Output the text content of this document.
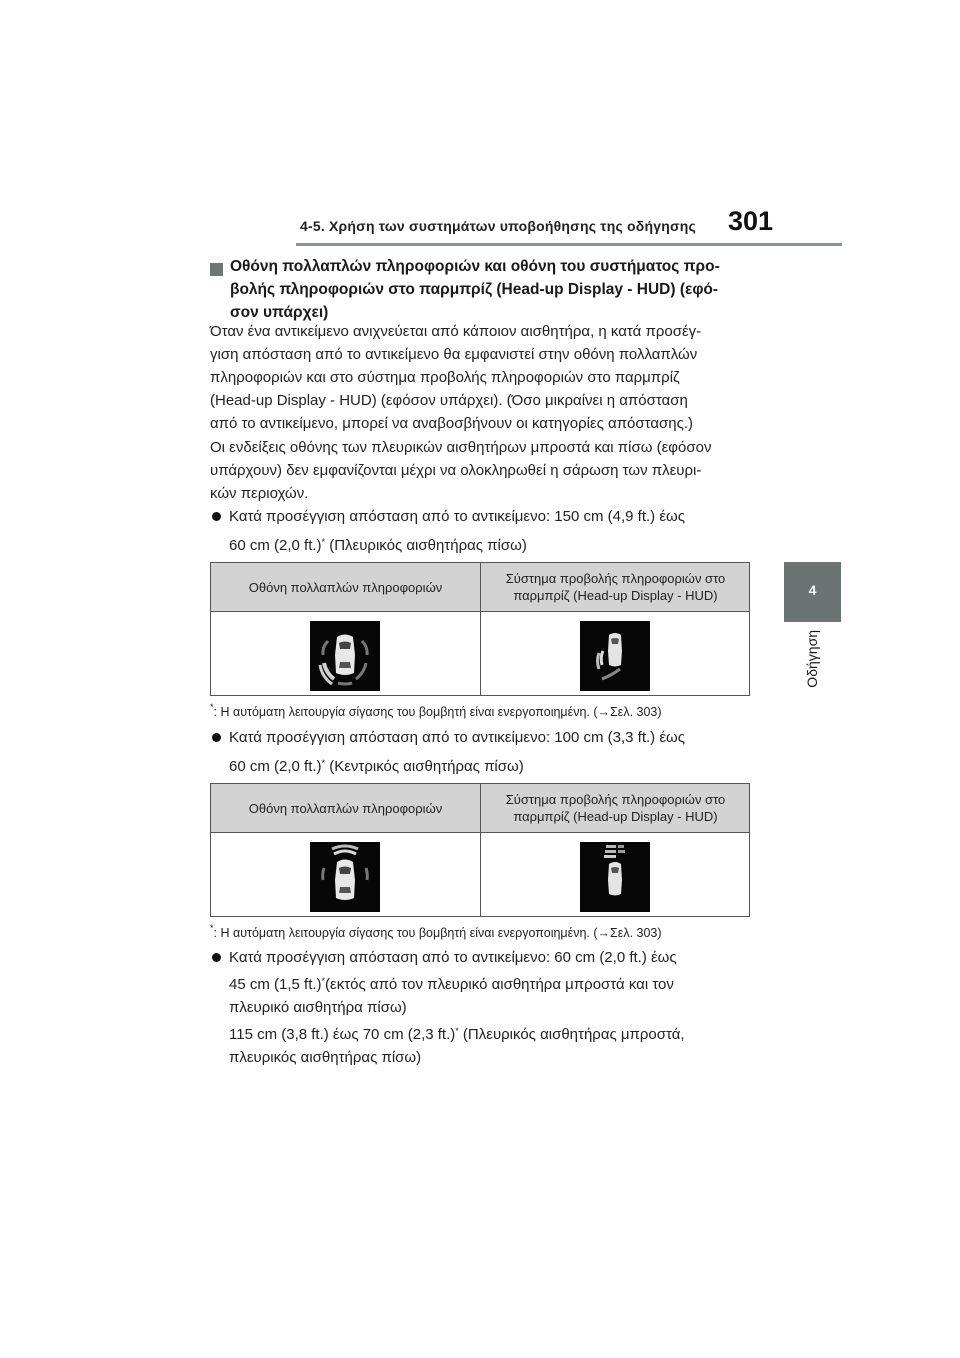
4-5. Χρήση των συστημάτων υποβοήθησης της οδήγησης 301
4
Οδήγηση
Οθόνη πολλαπλών πληροφοριών και οθόνη του συστήματος προ-
βολής πληροφοριών στο παρμπρίζ (Head-up Display - HUD) (εφό-
σον υπάρχει)
Όταν ένα αντικείμενο ανιχνεύεται από κάποιον αισθητήρα, η κατά προσέγ-
γιση απόσταση από το αντικείμενο θα εμφανιστεί στην οθόνη πολλαπλών
πληροφοριών και στο σύστημα προβολής πληροφοριών στο παρμπρίζ
(Head-up Display - HUD) (εφόσον υπάρχει). (Όσο μικραίνει η απόσταση
από το αντικείμενο, μπορεί να αναβοσβήνουν οι κατηγορίες απόστασης.)
Οι ενδείξεις οθόνης των πλευρικών αισθητήρων μπροστά και πίσω (εφόσον
υπάρχουν) δεν εμφανίζονται μέχρι να ολοκληρωθεί η σάρωση των πλευρι-
κών περιοχών.
Κατά προσέγγιση απόσταση από το αντικείμενο: 150 cm (4,9 ft.) έως
60 cm (2,0 ft.)* (Πλευρικός αισθητήρας πίσω)
Οθόνη πολλαπλών πληροφοριών
Σύστημα προβολής πληροφοριών στο
παρμπρίζ (Head-up Display - HUD)
*: Η αυτόματη λειτουργία σίγασης του βομβητή είναι ενεργοποιημένη. (→Σελ. 303)
Κατά προσέγγιση απόσταση από το αντικείμενο: 100 cm (3,3 ft.) έως
60 cm (2,0 ft.)* (Κεντρικός αισθητήρας πίσω)
Οθόνη πολλαπλών πληροφοριών
Σύστημα προβολής πληροφοριών στο
παρμπρίζ (Head-up Display - HUD)
*: Η αυτόματη λειτουργία σίγασης του βομβητή είναι ενεργοποιημένη. (→Σελ. 303)
Κατά προσέγγιση απόσταση από το αντικείμενο: 60 cm (2,0 ft.) έως
45 cm (1,5 ft.)*(εκτός από τον πλευρικό αισθητήρα μπροστά και τον
πλευρικό αισθητήρα πίσω)
115 cm (3,8 ft.) έως 70 cm (2,3 ft.)* (Πλευρικός αισθητήρας μπροστά,
πλευρικός αισθητήρας πίσω)
